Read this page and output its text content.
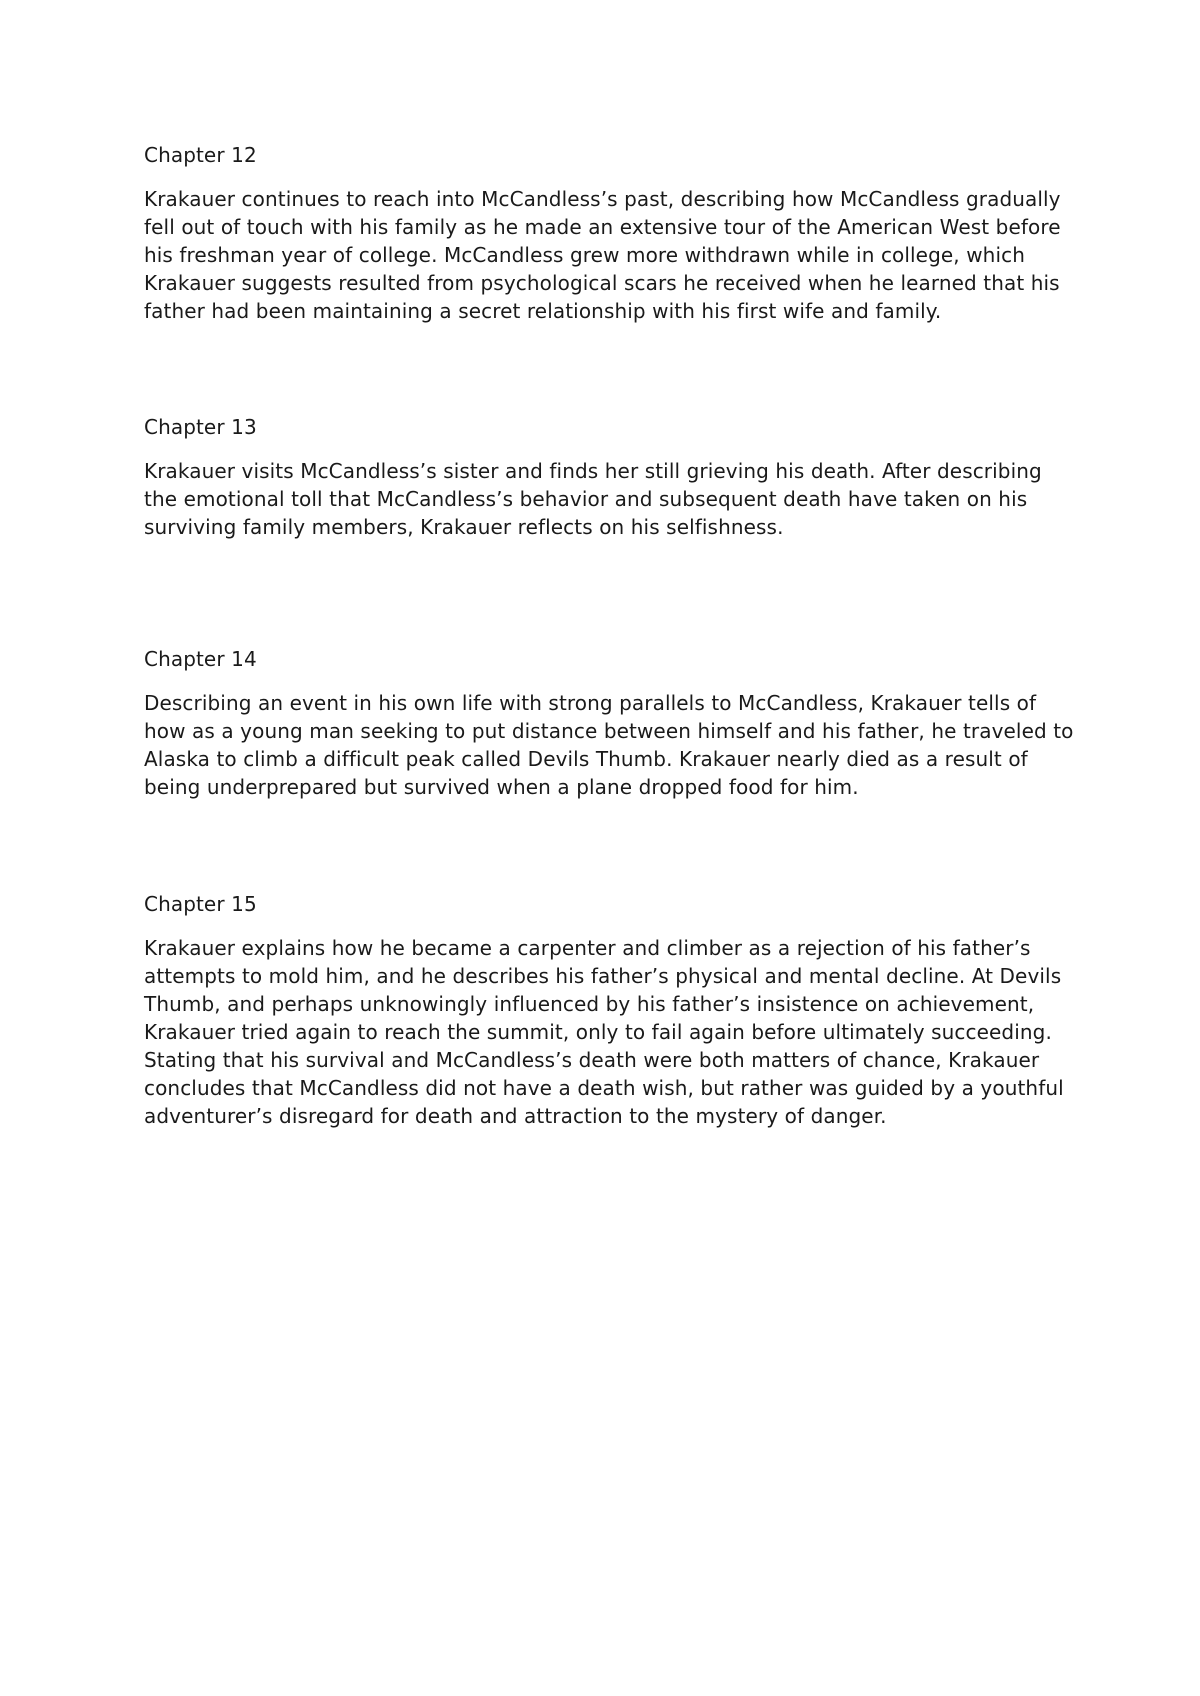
Chapter 12

Krakauer continues to reach into McCandless’s past, describing how McCandless gradually fell out of touch with his family as he made an extensive tour of the American West before his freshman year of college. McCandless grew more withdrawn while in college, which Krakauer suggests resulted from psychological scars he received when he learned that his father had been maintaining a secret relationship with his first wife and family.

Chapter 13

Krakauer visits McCandless’s sister and finds her still grieving his death. After describing the emotional toll that McCandless’s behavior and subsequent death have taken on his surviving family members, Krakauer reflects on his selfishness.

Chapter 14

Describing an event in his own life with strong parallels to McCandless, Krakauer tells of how as a young man seeking to put distance between himself and his father, he traveled to Alaska to climb a difficult peak called Devils Thumb. Krakauer nearly died as a result of being underprepared but survived when a plane dropped food for him.

Chapter 15

Krakauer explains how he became a carpenter and climber as a rejection of his father’s attempts to mold him, and he describes his father’s physical and mental decline. At Devils Thumb, and perhaps unknowingly influenced by his father’s insistence on achievement, Krakauer tried again to reach the summit, only to fail again before ultimately succeeding. Stating that his survival and McCandless’s death were both matters of chance, Krakauer concludes that McCandless did not have a death wish, but rather was guided by a youthful adventurer’s disregard for death and attraction to the mystery of danger.
